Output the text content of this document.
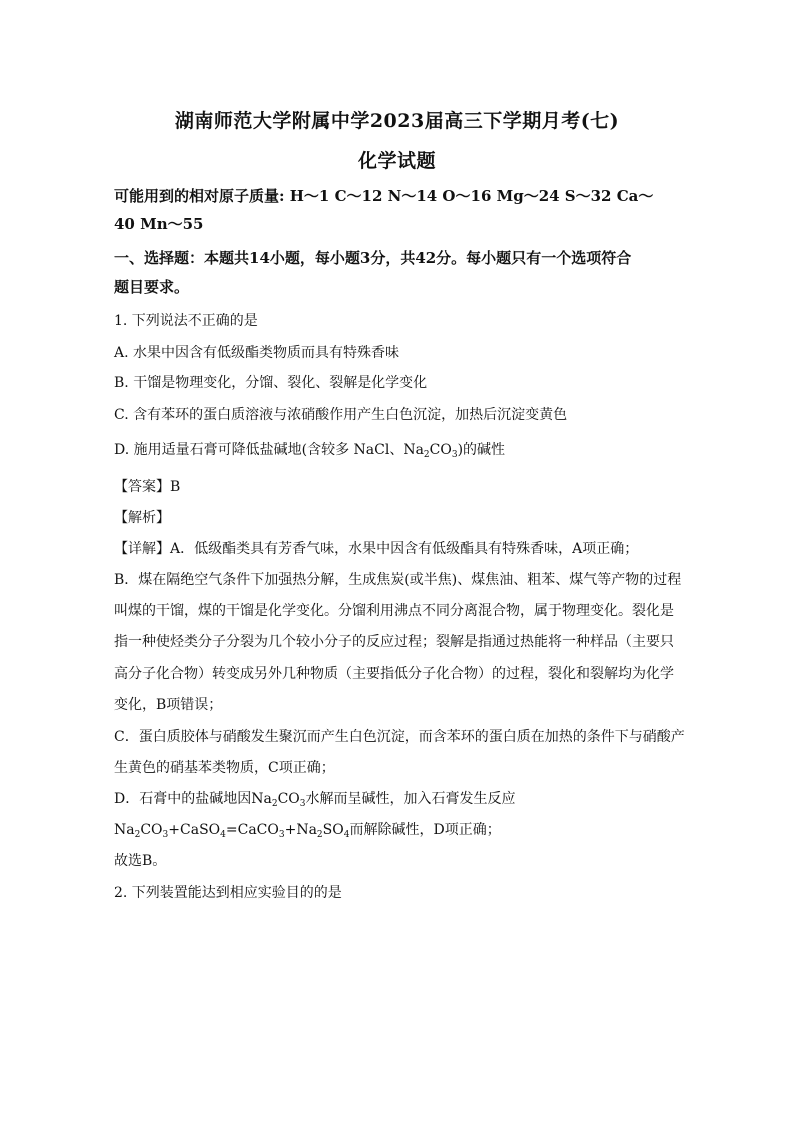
湖南师范大学附属中学2023届高三下学期月考(七)
化学试题
可能用到的相对原子质量: H～1 C～12 N～14 O～16 Mg～24 S～32 Ca～
40 Mn～55
一、选择题：本题共14小题，每小题3分，共42分。每小题只有一个选项符合
题目要求。
1. 下列说法不正确的是
A. 水果中因含有低级酯类物质而具有特殊香味
B. 干馏是物理变化，分馏、裂化、裂解是化学变化
C. 含有苯环的蛋白质溶液与浓硝酸作用产生白色沉淀，加热后沉淀变黄色
D. 施用适量石膏可降低盐碱地(含较多 NaCl、$Na_2CO_3$)的碱性
【答案】B
【解析】
【详解】A．低级酯类具有芳香气味，水果中因含有低级酯具有特殊香味，A项正确；
B．煤在隔绝空气条件下加强热分解，生成焦炭(或半焦)、煤焦油、粗苯、煤气等产物的过程
叫煤的干馏，煤的干馏是化学变化。分馏利用沸点不同分离混合物，属于物理变化。裂化是
指一种使烃类分子分裂为几个较小分子的反应过程；裂解是指通过热能将一种样品（主要只
高分子化合物）转变成另外几种物质（主要指低分子化合物）的过程，裂化和裂解均为化学
变化，B项错误；
C．蛋白质胶体与硝酸发生聚沉而产生白色沉淀，而含苯环的蛋白质在加热的条件下与硝酸产
生黄色的硝基苯类物质，C项正确；
D．石膏中的盐碱地因$Na_2CO_3$水解而呈碱性，加入石膏发生反应
$Na_2CO_3+CaSO_4=CaCO_3+Na_2SO_4$而解除碱性，D项正确；
故选B。
2. 下列装置能达到相应实验目的的是
